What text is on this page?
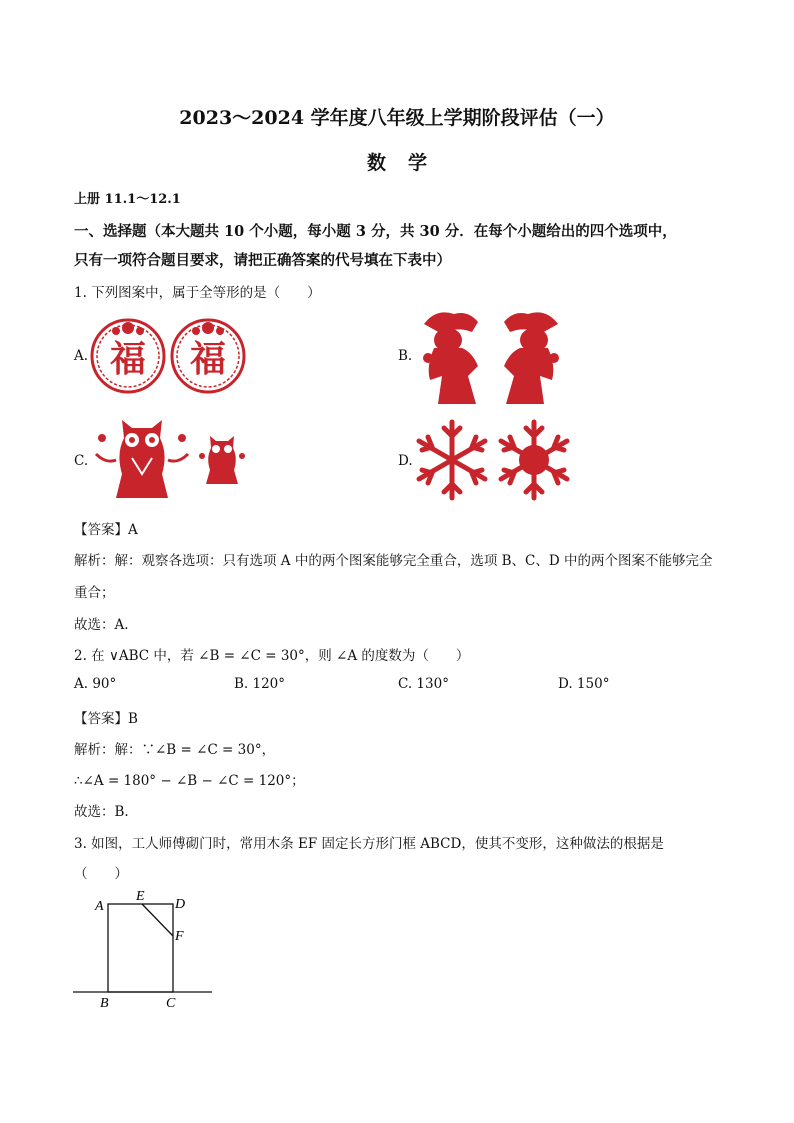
2023～2024 学年度八年级上学期阶段评估（一）
数学
上册 11.1～12.1
一、选择题（本大题共 10 个小题，每小题 3 分，共 30 分．在每个小题给出的四个选项中，
只有一项符合题目要求，请把正确答案的代号填在下表中）
1. 下列图案中，属于全等形的是（　　）
A. 福 福	B.
C.	D.
【答案】A
解析：解：观察各选项：只有选项 A 中的两个图案能够完全重合，选项 B、C、D 中的两个图案不能够完全
重合；
故选：A.
2. 在 ∨ABC 中，若 ∠B = ∠C = 30°，则 ∠A 的度数为（　　）
A. 90°	B. 120°	C. 130°	D. 150°
【答案】B
解析：解：∵∠B = ∠C = 30°，
∴∠A = 180° − ∠B − ∠C = 120°；
故选：B.
3. 如图，工人师傅砌门时，常用木条 EF 固定长方形门框 ABCD，使其不变形，这种做法的根据是
（　　）
A
E
D
F
B	C
